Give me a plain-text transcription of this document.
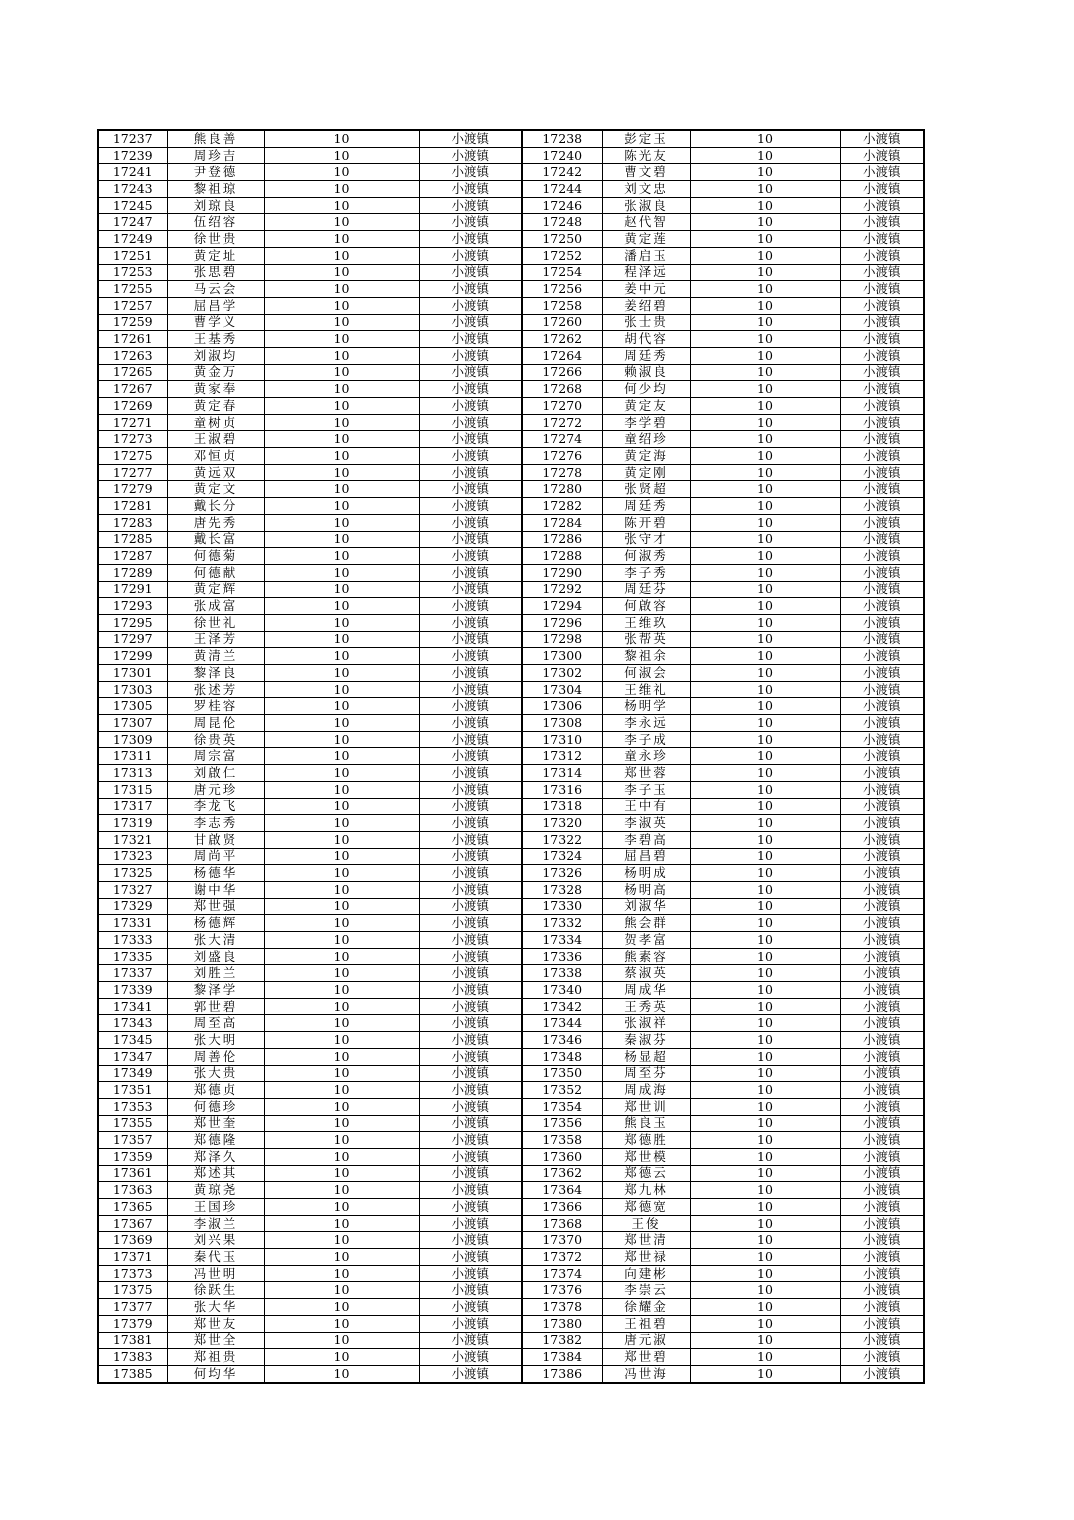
17237	熊良善	10	小渡镇	17238	彭定玉	10	小渡镇
17239	周珍吉	10	小渡镇	17240	陈光友	10	小渡镇
17241	尹登德	10	小渡镇	17242	曹文碧	10	小渡镇
17243	黎祖琼	10	小渡镇	17244	刘文忠	10	小渡镇
17245	刘琼良	10	小渡镇	17246	张淑良	10	小渡镇
17247	伍绍容	10	小渡镇	17248	赵代智	10	小渡镇
17249	徐世贵	10	小渡镇	17250	黄定莲	10	小渡镇
17251	黄定址	10	小渡镇	17252	潘启玉	10	小渡镇
17253	张思碧	10	小渡镇	17254	程泽远	10	小渡镇
17255	马云会	10	小渡镇	17256	姜中元	10	小渡镇
17257	屈昌学	10	小渡镇	17258	姜绍碧	10	小渡镇
17259	曹学义	10	小渡镇	17260	张士贵	10	小渡镇
17261	王基秀	10	小渡镇	17262	胡代容	10	小渡镇
17263	刘淑均	10	小渡镇	17264	周廷秀	10	小渡镇
17265	黄金万	10	小渡镇	17266	赖淑良	10	小渡镇
17267	黄家奉	10	小渡镇	17268	何少均	10	小渡镇
17269	黄定春	10	小渡镇	17270	黄定友	10	小渡镇
17271	童树贞	10	小渡镇	17272	李学碧	10	小渡镇
17273	王淑碧	10	小渡镇	17274	童绍珍	10	小渡镇
17275	邓恒贞	10	小渡镇	17276	黄定海	10	小渡镇
17277	黄远双	10	小渡镇	17278	黄定刚	10	小渡镇
17279	黄定文	10	小渡镇	17280	张贤超	10	小渡镇
17281	戴长分	10	小渡镇	17282	周廷秀	10	小渡镇
17283	唐先秀	10	小渡镇	17284	陈开碧	10	小渡镇
17285	戴长富	10	小渡镇	17286	张守才	10	小渡镇
17287	何德菊	10	小渡镇	17288	何淑秀	10	小渡镇
17289	何德献	10	小渡镇	17290	李子秀	10	小渡镇
17291	黄定辉	10	小渡镇	17292	周廷芬	10	小渡镇
17293	张成富	10	小渡镇	17294	何啟容	10	小渡镇
17295	徐世礼	10	小渡镇	17296	王维玖	10	小渡镇
17297	王泽芳	10	小渡镇	17298	张帮英	10	小渡镇
17299	黄清兰	10	小渡镇	17300	黎祖余	10	小渡镇
17301	黎泽良	10	小渡镇	17302	何淑会	10	小渡镇
17303	张述芳	10	小渡镇	17304	王维礼	10	小渡镇
17305	罗桂容	10	小渡镇	17306	杨明学	10	小渡镇
17307	周昆伦	10	小渡镇	17308	李永远	10	小渡镇
17309	徐贵英	10	小渡镇	17310	李子成	10	小渡镇
17311	周宗富	10	小渡镇	17312	童永珍	10	小渡镇
17313	刘啟仁	10	小渡镇	17314	郑世蓉	10	小渡镇
17315	唐元珍	10	小渡镇	17316	李子玉	10	小渡镇
17317	李龙飞	10	小渡镇	17318	王中有	10	小渡镇
17319	李志秀	10	小渡镇	17320	李淑英	10	小渡镇
17321	甘啟贤	10	小渡镇	17322	李碧高	10	小渡镇
17323	周尚平	10	小渡镇	17324	屈昌碧	10	小渡镇
17325	杨德华	10	小渡镇	17326	杨明成	10	小渡镇
17327	谢中华	10	小渡镇	17328	杨明高	10	小渡镇
17329	郑世强	10	小渡镇	17330	刘淑华	10	小渡镇
17331	杨德辉	10	小渡镇	17332	熊会群	10	小渡镇
17333	张大清	10	小渡镇	17334	贺孝富	10	小渡镇
17335	刘盛良	10	小渡镇	17336	熊素容	10	小渡镇
17337	刘胜兰	10	小渡镇	17338	蔡淑英	10	小渡镇
17339	黎泽学	10	小渡镇	17340	周成华	10	小渡镇
17341	郭世碧	10	小渡镇	17342	王秀英	10	小渡镇
17343	周至高	10	小渡镇	17344	张淑祥	10	小渡镇
17345	张大明	10	小渡镇	17346	秦淑芬	10	小渡镇
17347	周善伦	10	小渡镇	17348	杨显超	10	小渡镇
17349	张大贵	10	小渡镇	17350	周至芬	10	小渡镇
17351	郑德贞	10	小渡镇	17352	周成海	10	小渡镇
17353	何德珍	10	小渡镇	17354	郑世训	10	小渡镇
17355	郑世奎	10	小渡镇	17356	熊良玉	10	小渡镇
17357	郑德隆	10	小渡镇	17358	郑德胜	10	小渡镇
17359	郑泽久	10	小渡镇	17360	郑世模	10	小渡镇
17361	郑述其	10	小渡镇	17362	郑德云	10	小渡镇
17363	黄琼尧	10	小渡镇	17364	郑九林	10	小渡镇
17365	王国珍	10	小渡镇	17366	郑德宽	10	小渡镇
17367	李淑兰	10	小渡镇	17368	王俊	10	小渡镇
17369	刘兴果	10	小渡镇	17370	郑世清	10	小渡镇
17371	秦代玉	10	小渡镇	17372	郑世禄	10	小渡镇
17373	冯世明	10	小渡镇	17374	向建彬	10	小渡镇
17375	徐跃生	10	小渡镇	17376	李崇云	10	小渡镇
17377	张大华	10	小渡镇	17378	徐耀金	10	小渡镇
17379	郑世友	10	小渡镇	17380	王祖碧	10	小渡镇
17381	郑世全	10	小渡镇	17382	唐元淑	10	小渡镇
17383	郑祖贵	10	小渡镇	17384	郑世碧	10	小渡镇
17385	何均华	10	小渡镇	17386	冯世海	10	小渡镇
